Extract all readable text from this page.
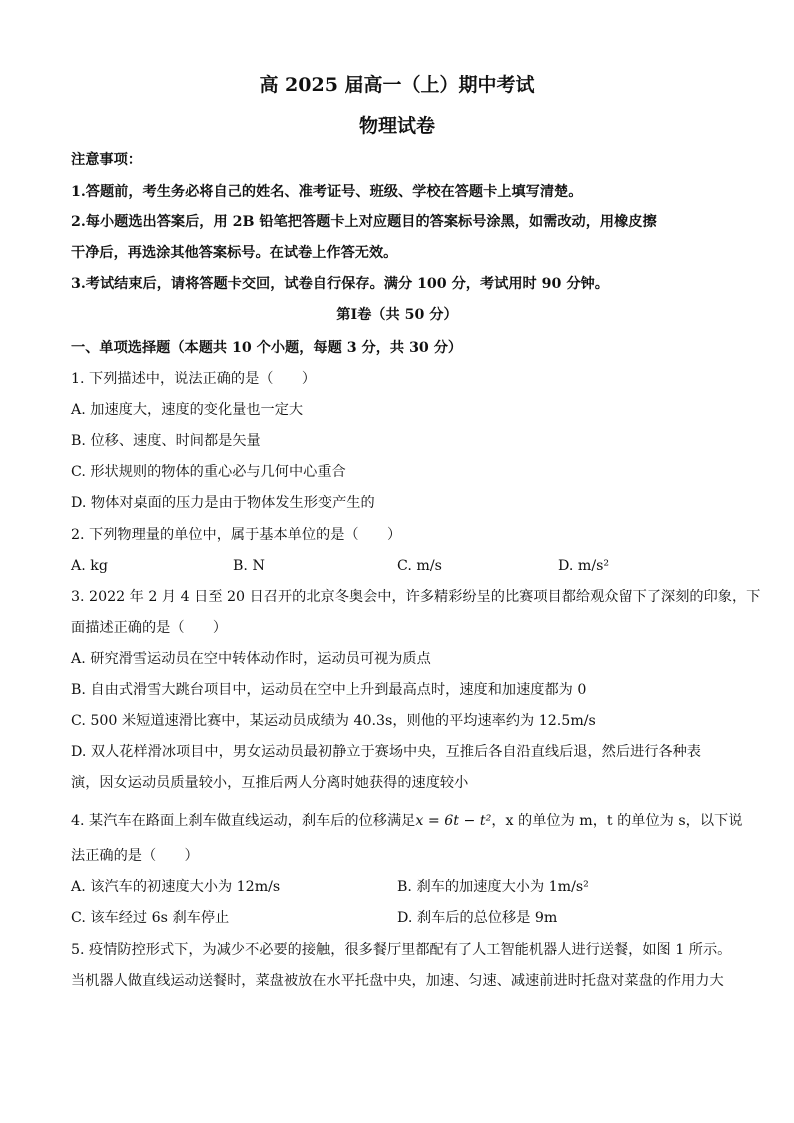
高 2025 届高一（上）期中考试
物理试卷
注意事项：
1.答题前，考生务必将自己的姓名、准考证号、班级、学校在答题卡上填写清楚。
2.每小题选出答案后，用 2B 铅笔把答题卡上对应题目的答案标号涂黑，如需改动，用橡皮擦
干净后，再选涂其他答案标号。在试卷上作答无效。
3.考试结束后，请将答题卡交回，试卷自行保存。满分 100 分，考试用时 90 分钟。
第Ⅰ卷（共 50 分）
一、单项选择题（本题共 10 个小题，每题 3 分，共 30 分）
1. 下列描述中，说法正确的是（　　）
A. 加速度大，速度的变化量也一定大
B. 位移、速度、时间都是矢量
C. 形状规则的物体的重心必与几何中心重合
D. 物体对桌面的压力是由于物体发生形变产生的
2. 下列物理量的单位中，属于基本单位的是（　　）
A. kg	B. N	C. m/s	D. m/s²
3. 2022 年 2 月 4 日至 20 日召开的北京冬奥会中，许多精彩纷呈的比赛项目都给观众留下了深刻的印象，下
面描述正确的是（　　）
A. 研究滑雪运动员在空中转体动作时，运动员可视为质点
B. 自由式滑雪大跳台项目中，运动员在空中上升到最高点时，速度和加速度都为 0
C. 500 米短道速滑比赛中，某运动员成绩为 40.3s，则他的平均速率约为 12.5m/s
D. 双人花样滑冰项目中，男女运动员最初静立于赛场中央，互推后各自沿直线后退，然后进行各种表
演，因女运动员质量较小，互推后两人分离时她获得的速度较小
4. 某汽车在路面上刹车做直线运动，刹车后的位移满足x = 6t − t²，x 的单位为 m，t 的单位为 s，以下说
法正确的是（　　）
A. 该汽车的初速度大小为 12m/s	B. 刹车的加速度大小为 1m/s²
C. 该车经过 6s 刹车停止	D. 刹车后的总位移是 9m
5. 疫情防控形式下，为减少不必要的接触，很多餐厅里都配有了人工智能机器人进行送餐，如图 1 所示。
当机器人做直线运动送餐时，菜盘被放在水平托盘中央，加速、匀速、减速前进时托盘对菜盘的作用力大
